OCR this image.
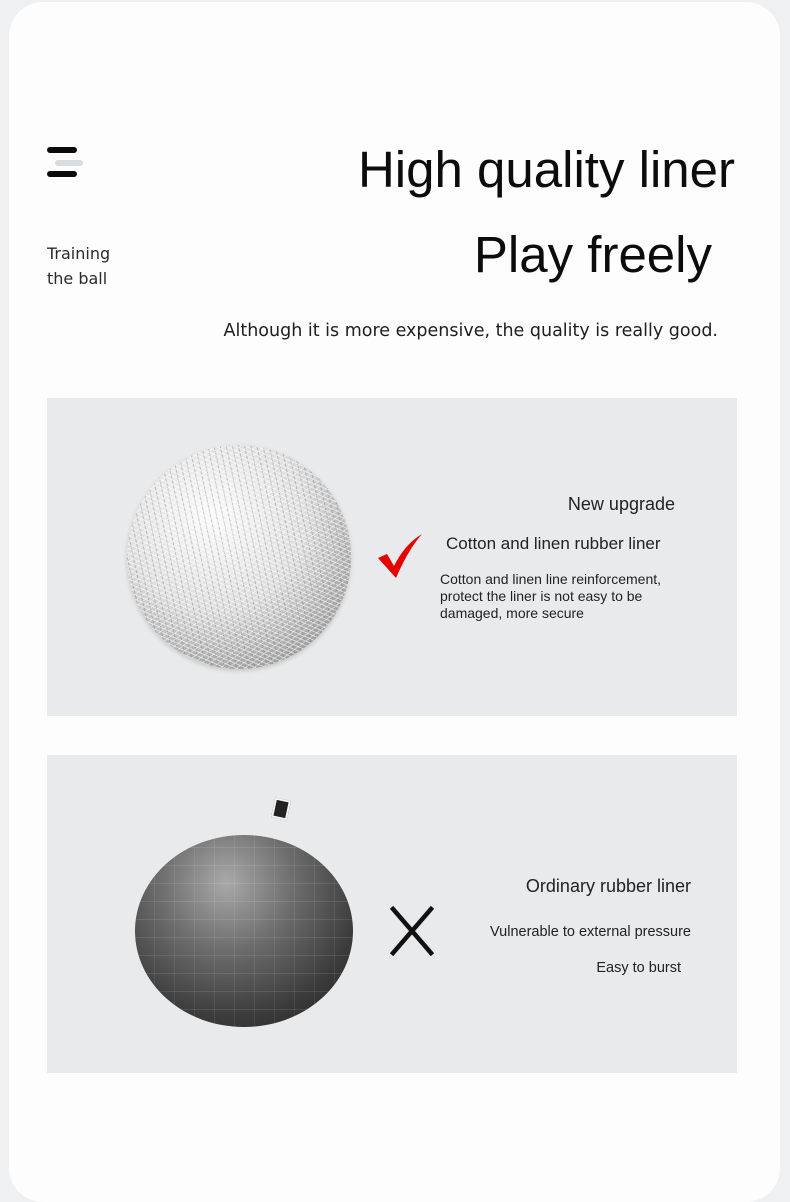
Training
the ball
High quality liner
Play freely
Although it is more expensive, the quality is really good.
New upgrade
Cotton and linen rubber liner
Cotton and linen line reinforcement,
protect the liner is not easy to be
damaged, more secure
Ordinary rubber liner
Vulnerable to external pressure
Easy to burst
